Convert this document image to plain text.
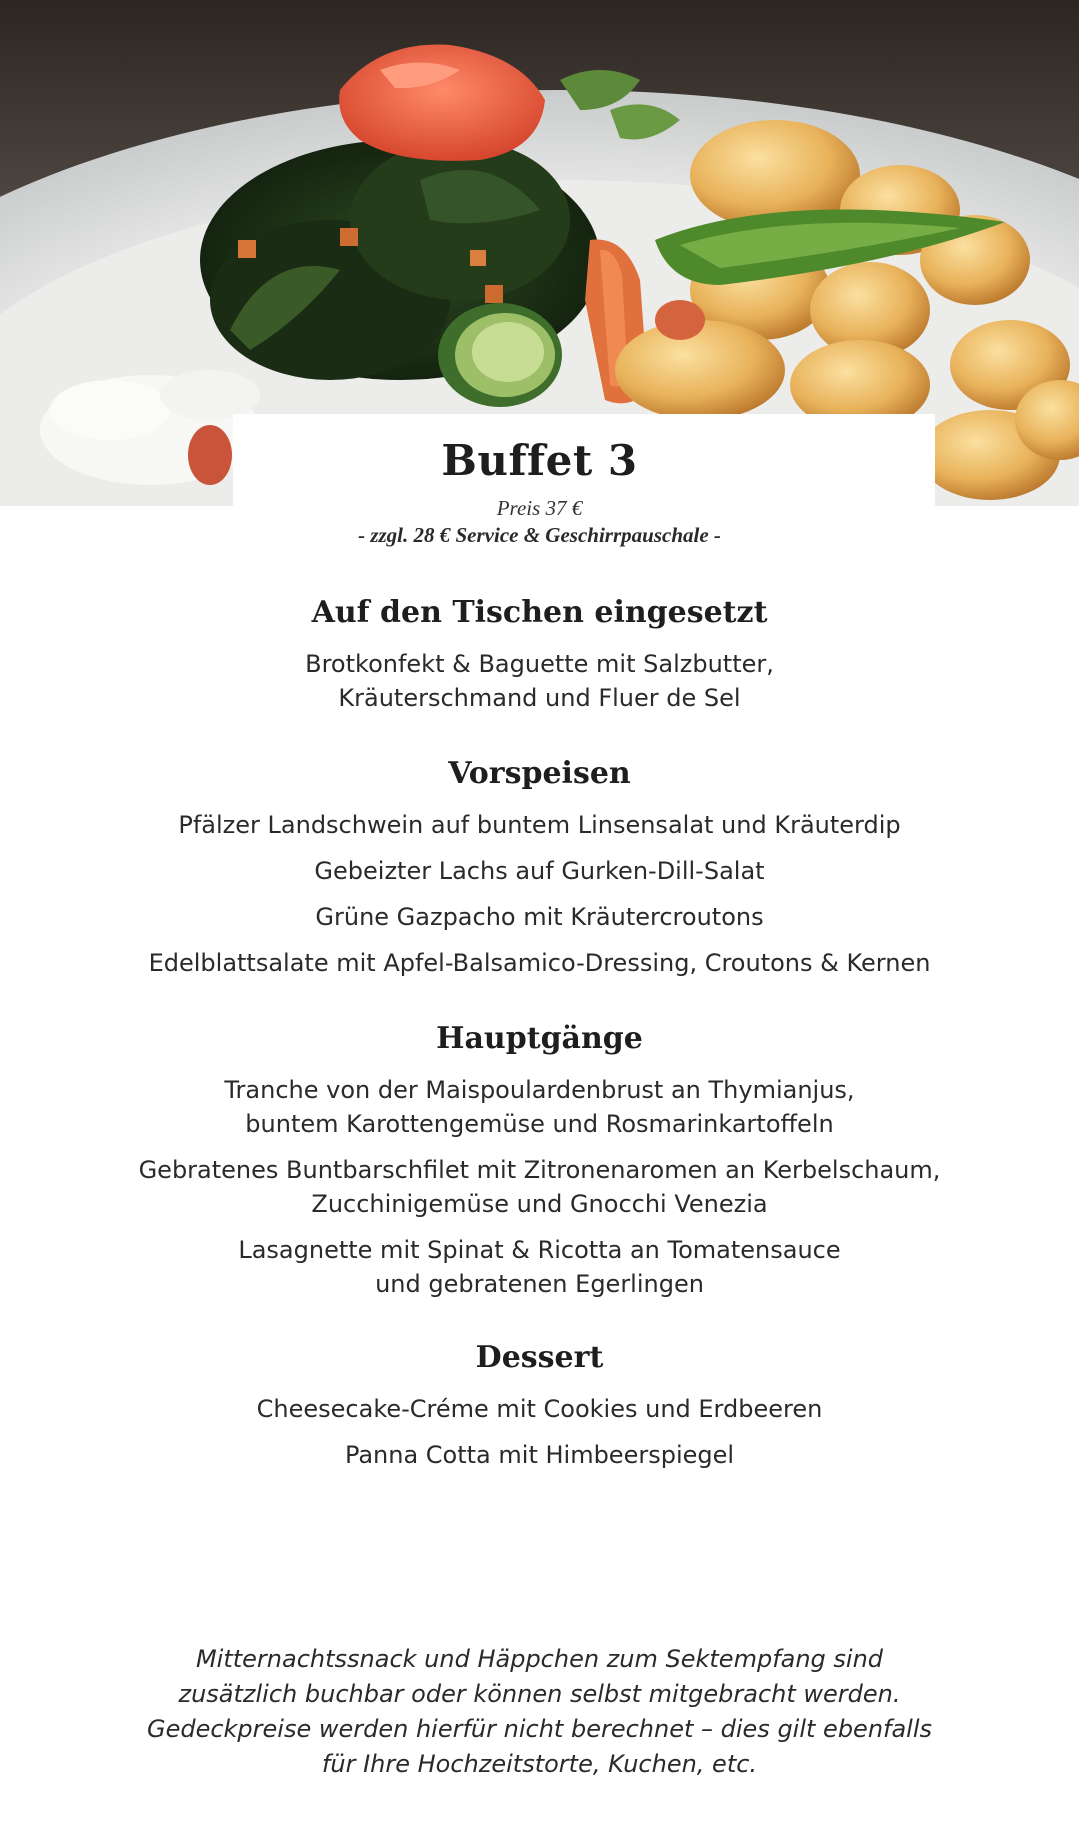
Buffet 3
Preis 37 €
- zzgl. 28 € Service & Geschirrpauschale -
Auf den Tischen eingesetzt
Brotkonfekt & Baguette mit Salzbutter,
Kräuterschmand und Fluer de Sel
Vorspeisen
Pfälzer Landschwein auf buntem Linsensalat und Kräuterdip
Gebeizter Lachs auf Gurken-Dill-Salat
Grüne Gazpacho mit Kräutercroutons
Edelblattsalate mit Apfel-Balsamico-Dressing, Croutons & Kernen
Hauptgänge
Tranche von der Maispoulardenbrust an Thymianjus,
buntem Karottengemüse und Rosmarinkartoffeln
Gebratenes Buntbarschfilet mit Zitronenaromen an Kerbelschaum,
Zucchinigemüse und Gnocchi Venezia
Lasagnette mit Spinat & Ricotta an Tomatensauce
und gebratenen Egerlingen
Dessert
Cheesecake-Créme mit Cookies und Erdbeeren
Panna Cotta mit Himbeerspiegel
Mitternachtssnack und Häppchen zum Sektempfang sind
zusätzlich buchbar oder können selbst mitgebracht werden.
Gedeckpreise werden hierfür nicht berechnet – dies gilt ebenfalls
für Ihre Hochzeitstorte, Kuchen, etc.
